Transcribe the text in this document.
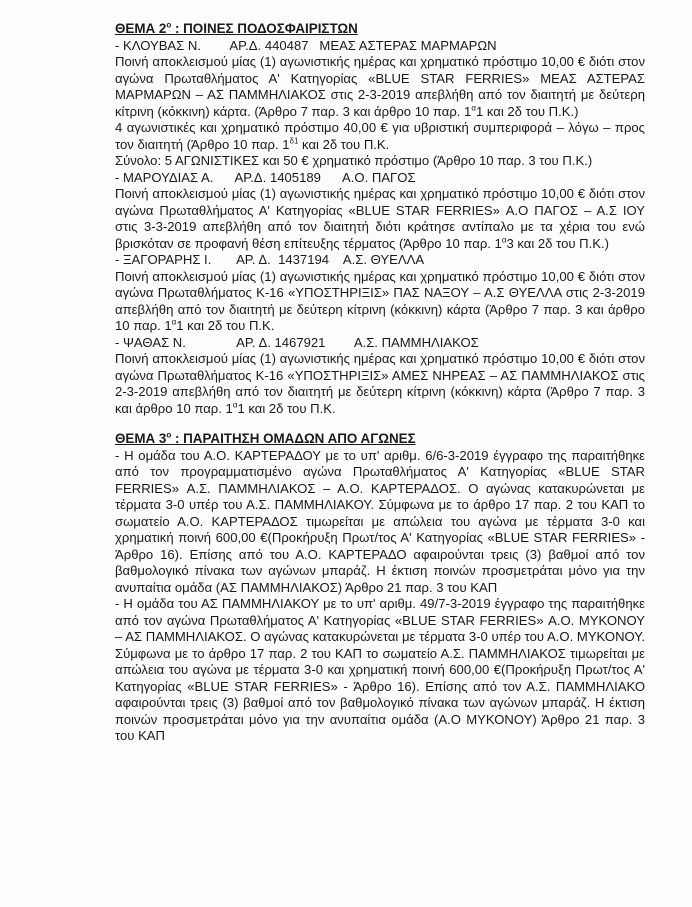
ΘΕΜΑ $2^o$ : ΠΟΙΝΕΣ ΠΟΔΟΣΦΑΙΡΙΣΤΩΝ

- ΚΛΟΥΒΑΣ Ν.        ΑΡ.Δ. 440487   ΜΕΑΣ ΑΣΤΕΡΑΣ ΜΑΡΜΑΡΩΝ

Ποινή αποκλεισμού μίας (1) αγωνιστικής ημέρας και χρηματικό πρόστιμο 10,00 € διότι στον αγώνα Πρωταθλήματος Α' Κατηγορίας «BLUE STAR FERRIES» ΜΕΑΣ ΑΣΤΕΡΑΣ ΜΑΡΜΑΡΩΝ – ΑΣ ΠΑΜΜΗΛΙΑΚΟΣ στις 2-3-2019 απεβλήθη από τον διαιτητή με δεύτερη κίτρινη (κόκκινη) κάρτα. (Άρθρο 7 παρ. 3 και άρθρο 10 παρ. $1^\alpha 1$ και 2δ του Π.Κ.)

4 αγωνιστικές και χρηματικό πρόστιμο 40,00 € για υβριστική συμπεριφορά – λόγω – προς τον διαιτητή (Άρθρο 10 παρ. $1^{\delta 1}$ και 2δ του Π.Κ.

Σύνολο: 5 ΑΓΩΝΙΣΤΙΚΕΣ και 50 € χρηματικό πρόστιμο (Άρθρο 10 παρ. 3 του Π.Κ.)

- ΜΑΡΟΥΔΙΑΣ Α.      ΑΡ.Δ. 1405189      Α.Ο. ΠΑΓΟΣ

Ποινή αποκλεισμού μίας (1) αγωνιστικής ημέρας και χρηματικό πρόστιμο 10,00 € διότι στον αγώνα Πρωταθλήματος Α' Κατηγορίας «BLUE STAR FERRIES» Α.Ο ΠΑΓΟΣ – Α.Σ ΙΟΥ στις 3-3-2019 απεβλήθη από τον διαιτητή διότι κράτησε αντίπαλο με τα χέρια του ενώ βρισκόταν σε προφανή θέση επίτευξης τέρματος (Άρθρο 10 παρ. $1^\alpha 3$ και 2δ του Π.Κ.)

- ΞΑΓΟΡΑΡΗΣ Ι.       ΑΡ. Δ.  1437194    Α.Σ. ΘΥΕΛΛΑ

Ποινή αποκλεισμού μίας (1) αγωνιστικής ημέρας και χρηματικό πρόστιμο 10,00 € διότι στον αγώνα Πρωταθλήματος Κ-16 «ΥΠΟΣΤΗΡΙΞΙΣ» ΠΑΣ ΝΑΞΟΥ – Α.Σ ΘΥΕΛΛΑ στις 2-3-2019 απεβλήθη από τον διαιτητή με δεύτερη κίτρινη (κόκκινη) κάρτα (Άρθρο 7 παρ. 3 και άρθρο 10 παρ. $1^\alpha 1$ και 2δ του Π.Κ.

- ΨΑΘΑΣ Ν.              ΑΡ. Δ. 1467921        Α.Σ. ΠΑΜΜΗΛΙΑΚΟΣ

Ποινή αποκλεισμού μίας (1) αγωνιστικής ημέρας και χρηματικό πρόστιμο 10,00 € διότι στον αγώνα Πρωταθλήματος Κ-16 «ΥΠΟΣΤΗΡΙΞΙΣ» ΑΜΕΣ ΝΗΡΕΑΣ – ΑΣ ΠΑΜΜΗΛΙΑΚΟΣ στις 2-3-2019 απεβλήθη από τον διαιτητή με δεύτερη κίτρινη (κόκκινη) κάρτα (Άρθρο 7 παρ. 3 και άρθρο 10 παρ. $1^\alpha 1$ και 2δ του Π.Κ.

ΘΕΜΑ $3^o$ : ΠΑΡΑΙΤΗΣΗ ΟΜΑΔΩΝ ΑΠΟ ΑΓΩΝΕΣ

- Η ομάδα του Α.Ο. ΚΑΡΤΕΡΑΔΟΥ με το υπ' αριθμ. 6/6-3-2019 έγγραφο της παραιτήθηκε από τον προγραμματισμένο αγώνα Πρωταθλήματος Α' Κατηγορίας «BLUE STAR FERRIES» Α.Σ. ΠΑΜΜΗΛΙΑΚΟΣ – Α.Ο. ΚΑΡΤΕΡΑΔΟΣ. Ο αγώνας κατακυρώνεται με τέρματα 3-0 υπέρ του Α.Σ. ΠΑΜΜΗΛΙΑΚΟΥ. Σύμφωνα με το άρθρο 17 παρ. 2 του ΚΑΠ το σωματείο Α.Ο. ΚΑΡΤΕΡΑΔΟΣ τιμωρείται με απώλεια του αγώνα με τέρματα 3-0 και χρηματική ποινή 600,00 €(Προκήρυξη Πρωτ/τος Α' Κατηγορίας «BLUE STAR FERRIES» - Άρθρο 16). Επίσης από του Α.Ο. ΚΑΡΤΕΡΑΔΟ αφαιρούνται τρεις (3) βαθμοί από τον βαθμολογικό πίνακα των αγώνων μπαράζ. Η έκτιση ποινών προσμετράται μόνο για την ανυπαίτια ομάδα (ΑΣ ΠΑΜΜΗΛΙΑΚΟΣ) Άρθρο 21 παρ. 3 του ΚΑΠ

- Η ομάδα του ΑΣ ΠΑΜΜΗΛΙΑΚΟΥ με το υπ' αριθμ. 49/7-3-2019 έγγραφο της παραιτήθηκε από τον αγώνα Πρωταθλήματος Α' Κατηγορίας «BLUE STAR FERRIES» Α.Ο. ΜΥΚΟΝΟΥ – ΑΣ ΠΑΜΜΗΛΙΑΚΟΣ. Ο αγώνας κατακυρώνεται με τέρματα 3-0 υπέρ του Α.Ο. ΜΥΚΟΝΟΥ. Σύμφωνα με το άρθρο 17 παρ. 2 του ΚΑΠ το σωματείο Α.Σ. ΠΑΜΜΗΛΙΑΚΟΣ τιμωρείται με απώλεια του αγώνα με τέρματα 3-0 και χρηματική ποινή 600,00 €(Προκήρυξη Πρωτ/τος Α' Κατηγορίας «BLUE STAR FERRIES» - Άρθρο 16). Επίσης από τον Α.Σ. ΠΑΜΜΗΛΙΑΚΟ αφαιρούνται τρεις (3) βαθμοί από τον βαθμολογικό πίνακα των αγώνων μπαράζ. Η έκτιση ποινών προσμετράται μόνο για την ανυπαίτια ομάδα (Α.Ο ΜΥΚΟΝΟΥ) Άρθρο 21 παρ. 3 του ΚΑΠ
